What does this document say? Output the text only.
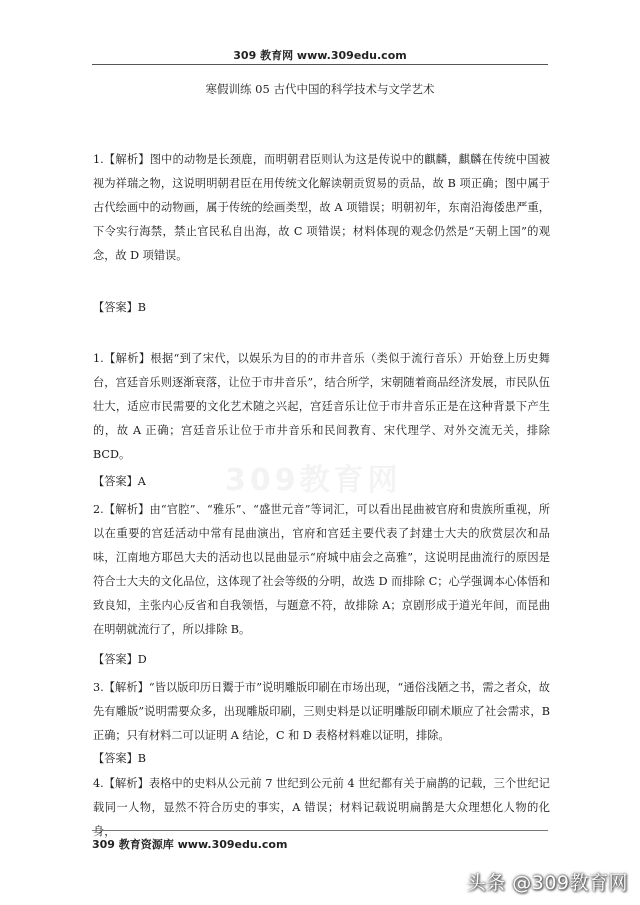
309 教育网 www.309edu.com
寒假训练 05 古代中国的科学技术与文学艺术
309教育网

1.【解析】图中的动物是长颈鹿，而明朝君臣则认为这是传说中的麒麟，麒麟在传统中国被视为祥瑞之物，这说明明朝君臣在用传统文化解读朝贡贸易的贡品，故 B 项正确；图中属于古代绘画中的动物画，属于传统的绘画类型，故 A 项错误；明朝初年，东南沿海倭患严重，下令实行海禁，禁止官民私自出海，故 C 项错误；材料体现的观念仍然是“天朝上国”的观念，故 D 项错误。

【答案】B

1.【解析】根据“到了宋代，以娱乐为目的的市井音乐（类似于流行音乐）开始登上历史舞台，宫廷音乐则逐渐衰落，让位于市井音乐”，结合所学，宋朝随着商品经济发展，市民队伍壮大，适应市民需要的文化艺术随之兴起，宫廷音乐让位于市井音乐正是在这种背景下产生的，故 A 正确；宫廷音乐让位于市井音乐和民间教育、宋代理学、对外交流无关，排除 BCD。

【答案】A

2.【解析】由“官腔”、“雅乐”、“盛世元音”等词汇，可以看出昆曲被官府和贵族所重视，所以在重要的宫廷活动中常有昆曲演出，官府和宫廷主要代表了封建士大夫的欣赏层次和品味，江南地方耶邑大夫的活动也以昆曲显示“府城中庙会之高雅”，这说明昆曲流行的原因是符合士大夫的文化品位，这体现了社会等级的分明，故选 D 而排除 C；心学强调本心体悟和致良知，主张内心反省和自我领悟，与题意不符，故排除 A；京剧形成于道光年间，而昆曲在明朝就流行了，所以排除 B。

【答案】D

3.【解析】“皆以版印历日鬻于市”说明雕版印刷在市场出现，“通俗浅陋之书，需之者众，故先有雕版”说明需要众多，出现雕版印刷，三则史料是以证明雕版印刷术顺应了社会需求，B 正确；只有材料二可以证明 A 结论，C 和 D 表格材料难以证明，排除。

【答案】B

4.【解析】表格中的史料从公元前 7 世纪到公元前 4 世纪都有关于扁鹊的记载，三个世纪记载同一人物，显然不符合历史的事实，A 错误；材料记载说明扁鹊是大众理想化人物的化身，

309 教育资源库 www.309edu.com
头条 @309教育网
